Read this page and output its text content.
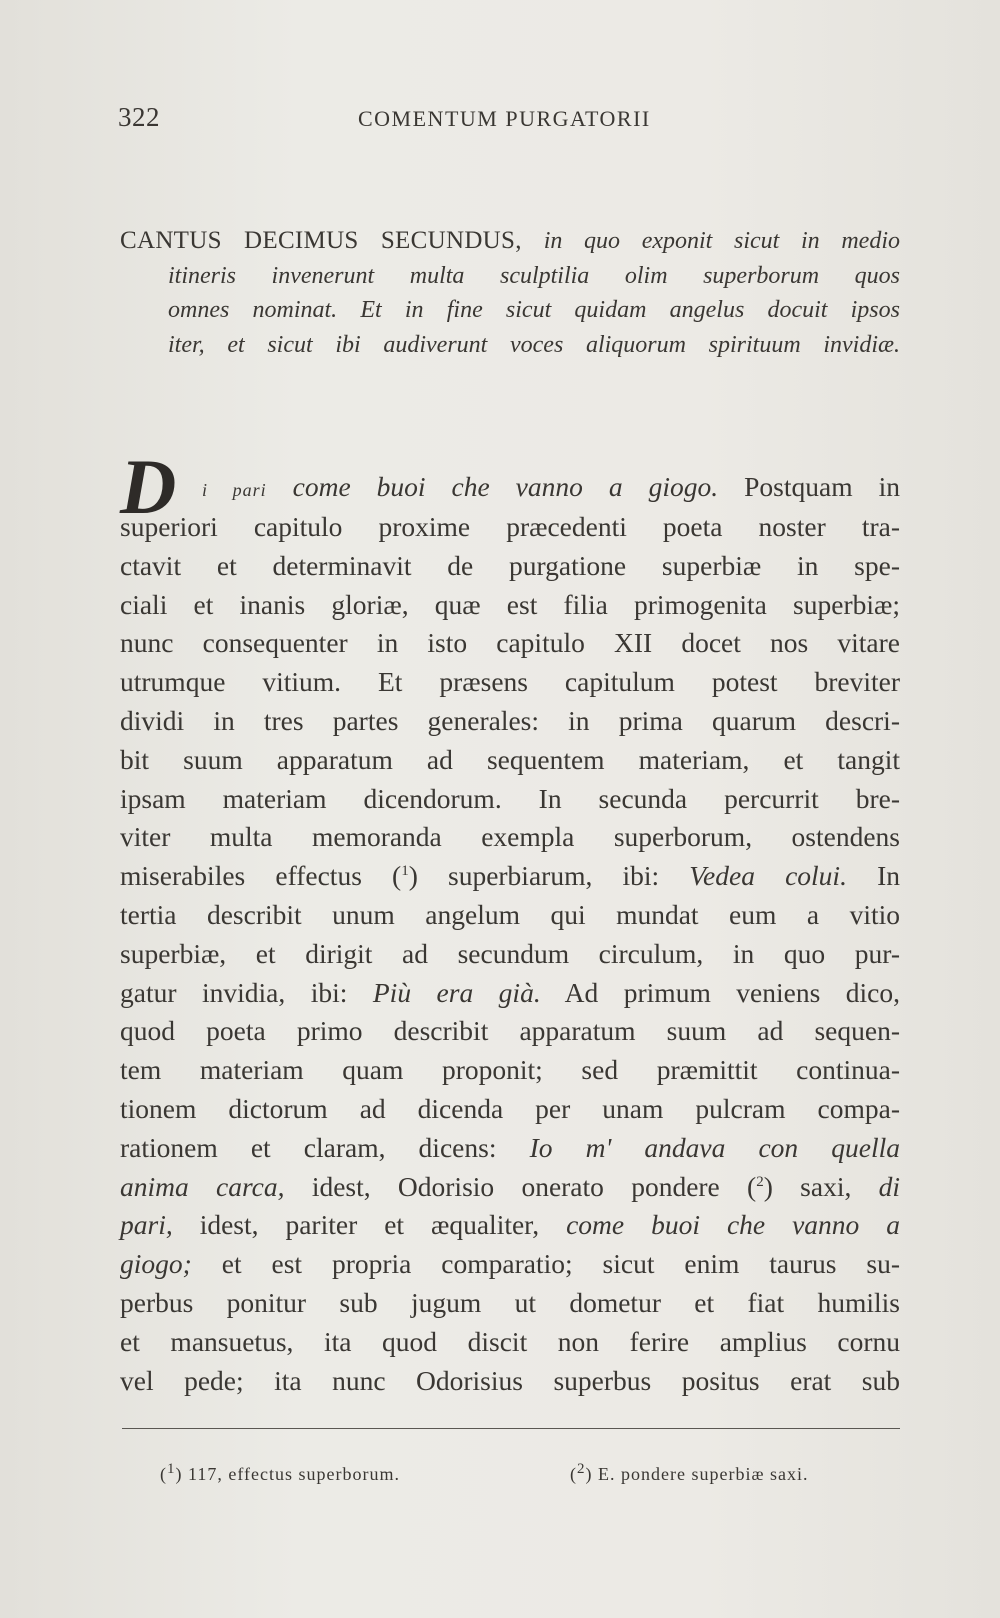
322	COMENTUM PURGATORII
CANTUS DECIMUS SECUNDUS, in quo exponit sicut in medio
itineris invenerunt multa sculptilia olim superborum quos
omnes nominat. Et in fine sicut quidam angelus docuit ipsos
iter, et sicut ibi audiverunt voces aliquorum spirituum invidiæ.
D i pari come buoi che vanno a giogo. Postquam in
superiori capitulo proxime præcedenti poeta noster tra-
ctavit et determinavit de purgatione superbiæ in spe-
ciali et inanis gloriæ, quæ est filia primogenita superbiæ;
nunc consequenter in isto capitulo XII docet nos vitare
utrumque vitium. Et præsens capitulum potest breviter
dividi in tres partes generales: in prima quarum descri-
bit suum apparatum ad sequentem materiam, et tangit
ipsam materiam dicendorum. In secunda percurrit bre-
viter multa memoranda exempla superborum, ostendens
miserabiles effectus ($^1$) superbiarum, ibi: Vedea colui. In
tertia describit unum angelum qui mundat eum a vitio
superbiæ, et dirigit ad secundum circulum, in quo pur-
gatur invidia, ibi: Più era già. Ad primum veniens dico,
quod poeta primo describit apparatum suum ad sequen-
tem materiam quam proponit; sed præmittit continua-
tionem dictorum ad dicenda per unam pulcram compa-
rationem et claram, dicens: Io m' andava con quella
anima carca, idest, Odorisio onerato pondere ($^2$) saxi, di
pari, idest, pariter et æqualiter, come buoi che vanno a
giogo; et est propria comparatio; sicut enim taurus su-
perbus ponitur sub jugum ut dometur et fiat humilis
et mansuetus, ita quod discit non ferire amplius cornu
vel pede; ita nunc Odorisius superbus positus erat sub
($^1$) 117, effectus superborum.	($^2$) E. pondere superbiæ saxi.
